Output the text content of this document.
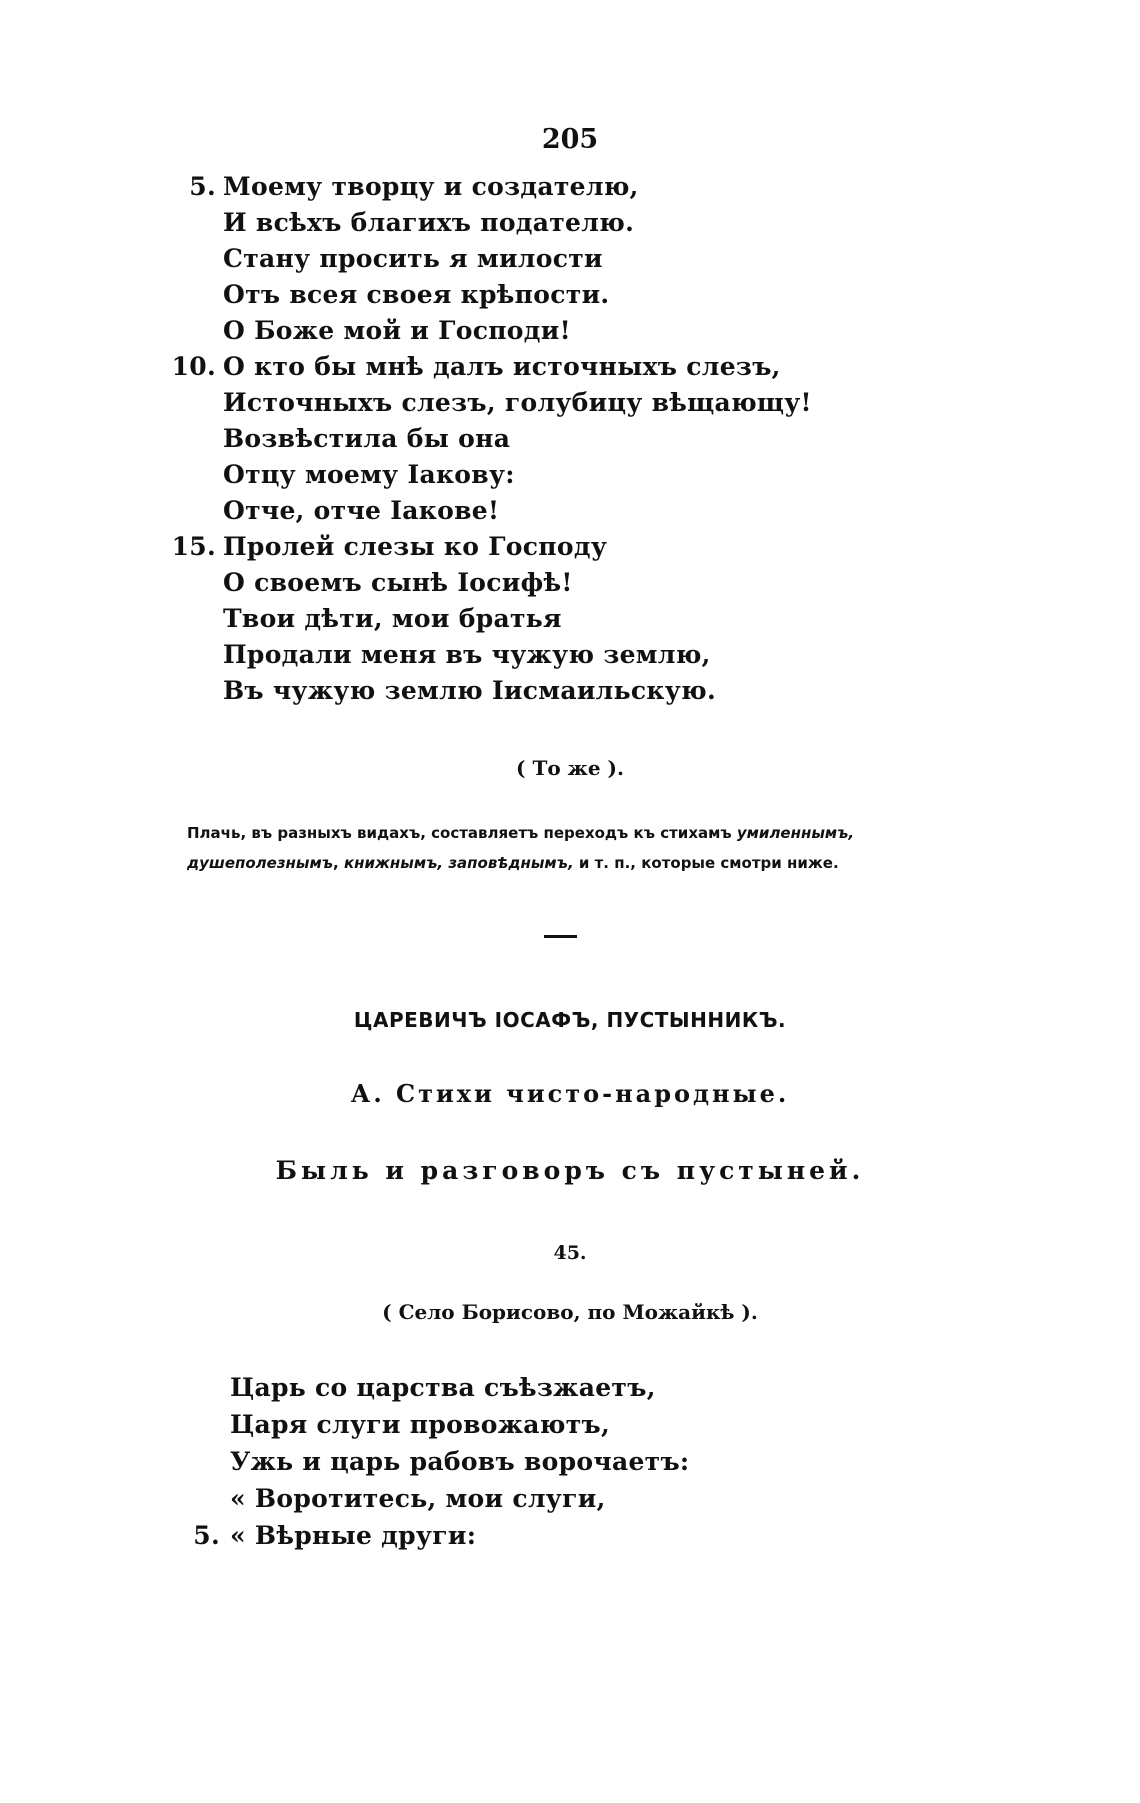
205
5. Моему творцу и создателю,
И всѣхъ благихъ подателю.
Стану просить я милости
Отъ всея своея крѣпости.
О Боже мой и Господи!
10. О кто бы мнѣ далъ источныхъ слезъ,
Источныхъ слезъ, голубицу вѣщающу!
Возвѣстила бы она
Отцу моему Іакову:
Отче, отче Іакове!
15. Пролей слезы ко Господу
О своемъ сынѣ Іосифѣ!
Твои дѣти, мои братья
Продали меня въ чужую землю,
Въ чужую землю Іисмаильскую.
( То же ).
Плачь, въ разныхъ видахъ, составляетъ переходъ къ стихамъ умиленнымъ,
душеполезнымъ, книжнымъ, заповѣднымъ, и т. п., которые смотри ниже.
ЦАРЕВИЧЪ ІОСАФЪ, ПУСТЫННИКЪ.
А. Стихи чисто-народные.
Быль и разговоръ съ пустыней.
45.
( Село Борисово, по Можайкѣ ).
Царь со царства съѣзжаетъ,
Царя слуги провожаютъ,
Ужь и царь рабовъ ворочаетъ:
« Воротитесь, мои слуги,
5. « Вѣрные други:
